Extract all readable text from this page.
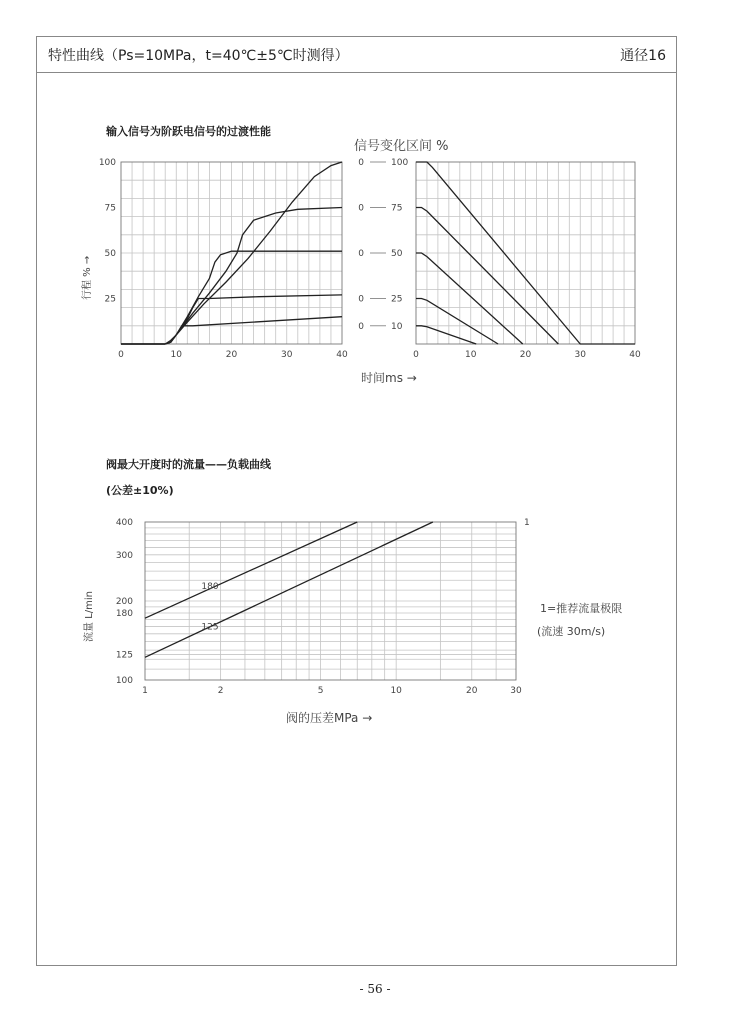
特性曲线（Ps=10MPa，t=40℃±5℃时测得）	通径16
输入信号为阶跃电信号的过渡性能
阀最大开度时的流量——负载曲线
(公差±10%)
0	10	20	30	40
100
75
50
25
行程 % →
0	10	20	30	40
0	100
0	75
0	50
0	25
0	10
信号变化区间 %
时间ms →
1	2	5	10	20	30
400
300
200
180
125
100
180
125
1
1=推荐流量极限
(流速 30m/s)
阀的压差MPa →
流量 L/min
- 56 -
